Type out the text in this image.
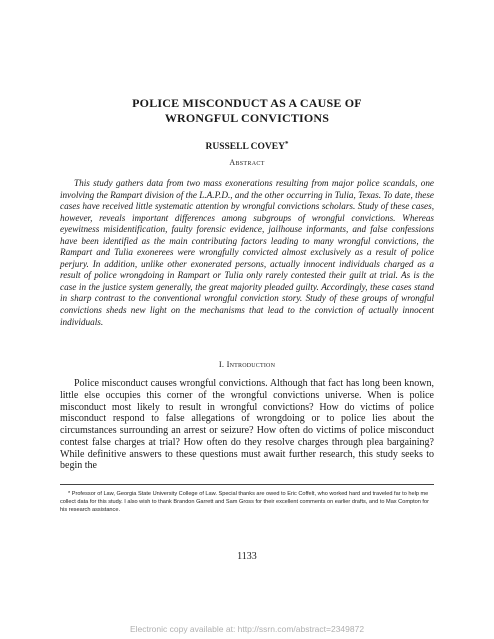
POLICE MISCONDUCT AS A CAUSE OF
WRONGFUL CONVICTIONS
RUSSELL COVEY*
Abstract

This study gathers data from two mass exonerations resulting from major police scandals, one involving the Rampart division of the L.A.P.D., and the other occurring in Tulia, Texas. To date, these cases have received little systematic attention by wrongful convictions scholars. Study of these cases, however, reveals important differences among subgroups of wrongful convictions. Whereas eyewitness misidentification, faulty forensic evidence, jailhouse informants, and false confessions have been identified as the main contributing factors leading to many wrongful convictions, the Rampart and Tulia exonerees were wrongfully convicted almost exclusively as a result of police perjury. In addition, unlike other exonerated persons, actually innocent individuals charged as a result of police wrongdoing in Rampart or Tulia only rarely contested their guilt at trial. As is the case in the justice system generally, the great majority pleaded guilty. Accordingly, these cases stand in sharp contrast to the conventional wrongful conviction story. Study of these groups of wrongful convictions sheds new light on the mechanisms that lead to the conviction of actually innocent individuals.

I. Introduction

Police misconduct causes wrongful convictions. Although that fact has long been known, little else occupies this corner of the wrongful convictions universe. When is police misconduct most likely to result in wrongful convictions? How do victims of police misconduct respond to false allegations of wrongdoing or to police lies about the circumstances surrounding an arrest or seizure? How often do victims of police misconduct contest false charges at trial? How often do they resolve charges through plea bargaining? While definitive answers to these questions must await further research, this study seeks to begin the

* Professor of Law, Georgia State University College of Law. Special thanks are owed to Eric Coffelt, who worked hard and traveled far to help me collect data for this study. I also wish to thank Brandon Garrett and Sam Gross for their excellent comments on earlier drafts, and to Max Compton for his research assistance.

1133
Electronic copy available at: http://ssrn.com/abstract=2349872
